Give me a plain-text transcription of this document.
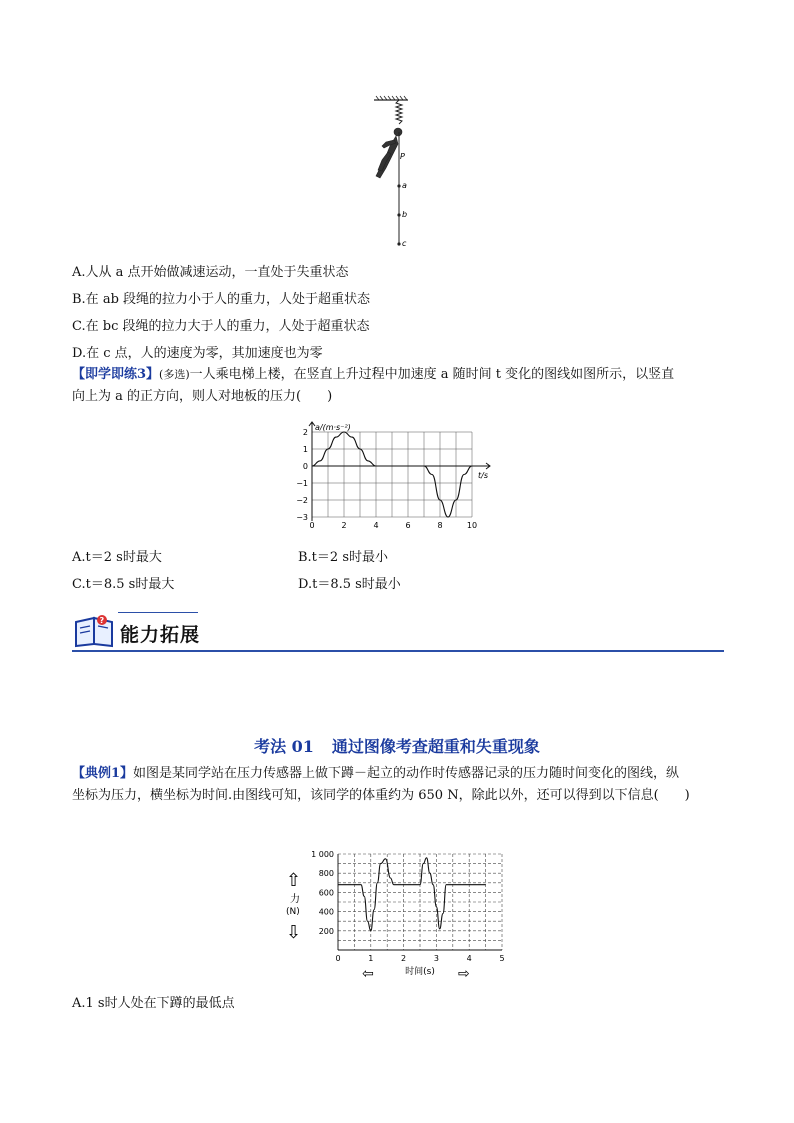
P
a
b
c
A.人从 a 点开始做减速运动，一直处于失重状态
B.在 ab 段绳的拉力小于人的重力，人处于超重状态
C.在 bc 段绳的拉力大于人的重力，人处于超重状态
D.在 c 点，人的速度为零，其加速度也为零
【即学即练3】(多选)一人乘电梯上楼，在竖直上升过程中加速度 a 随时间 t 变化的图线如图所示，以竖直
向上为 a 的正方向，则人对地板的压力(　　)
a/(m·s⁻²)
t/s
2
1
0
−1
−2
−3
0	2	4	6	8	10
A.t＝2 s时最大	B.t＝2 s时最小
C.t＝8.5 s时最大	D.t＝8.5 s时最小
?
能力拓展
考法 01 通过图像考查超重和失重现象
【典例1】如图是某同学站在压力传感器上做下蹲－起立的动作时传感器记录的压力随时间变化的图线，纵
坐标为压力，横坐标为时间.由图线可知，该同学的体重约为 650 N，除此以外，还可以得到以下信息(　　)
⇧
力
(N)
⇩
⇦	⇨
1 000
800
600
400
200
0	1	2	3	4	5
时间(s)
A.1 s时人处在下蹲的最低点
